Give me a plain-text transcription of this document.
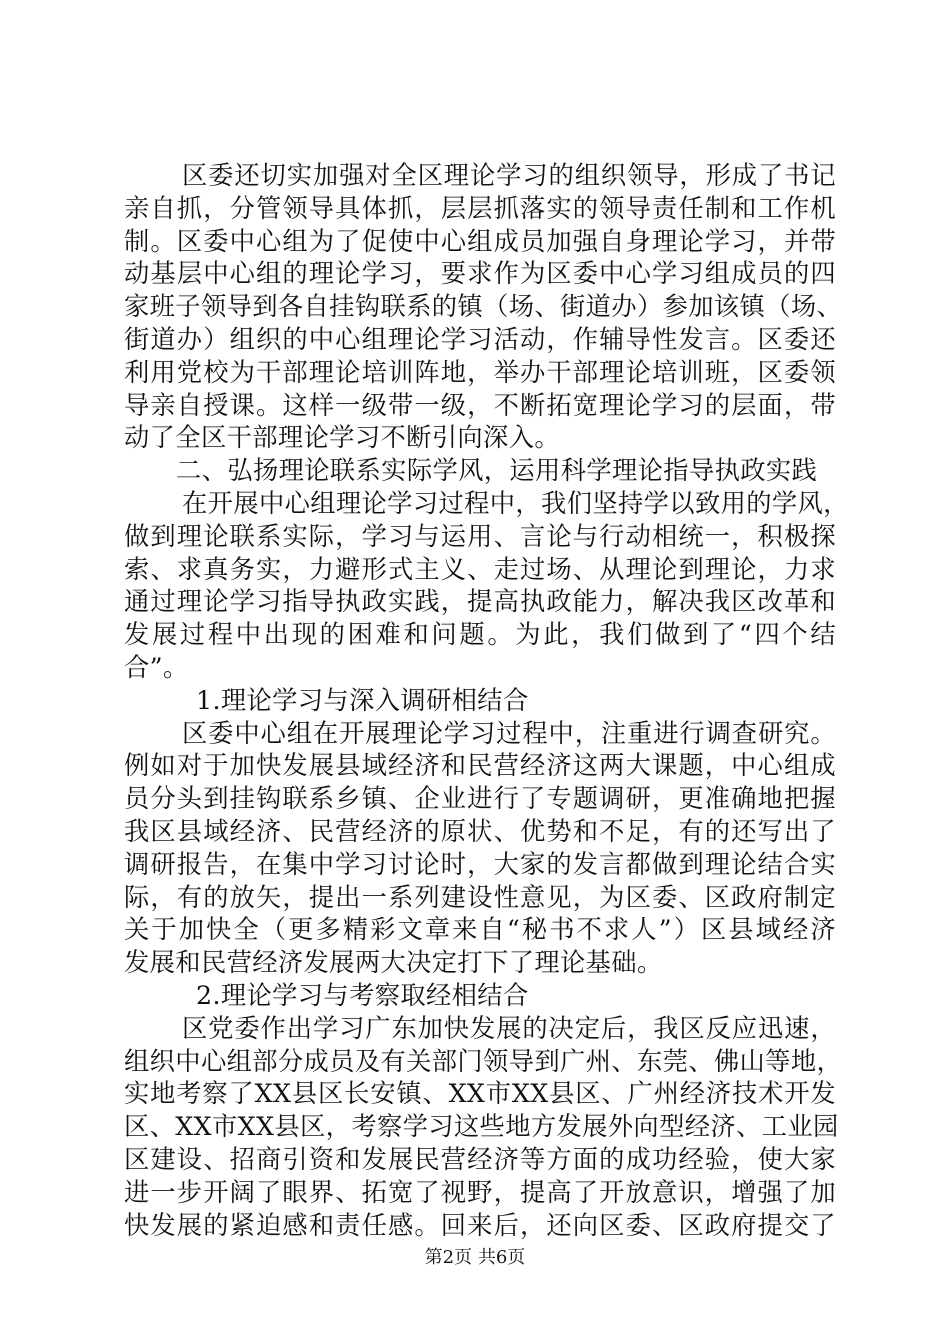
区委还切实加强对全区理论学习的组织领导，形成了书记
亲自抓，分管领导具体抓，层层抓落实的领导责任制和工作机
制。区委中心组为了促使中心组成员加强自身理论学习，并带
动基层中心组的理论学习，要求作为区委中心学习组成员的四
家班子领导到各自挂钩联系的镇（场、街道办）参加该镇（场、
街道办）组织的中心组理论学习活动，作辅导性发言。区委还
利用党校为干部理论培训阵地，举办干部理论培训班，区委领
导亲自授课。这样一级带一级，不断拓宽理论学习的层面，带
动了全区干部理论学习不断引向深入。
二、弘扬理论联系实际学风，运用科学理论指导执政实践
在开展中心组理论学习过程中，我们坚持学以致用的学风，
做到理论联系实际，学习与运用、言论与行动相统一，积极探
索、求真务实，力避形式主义、走过场、从理论到理论，力求
通过理论学习指导执政实践，提高执政能力，解决我区改革和
发展过程中出现的困难和问题。为此，我们做到了“四个结
合”。
1.理论学习与深入调研相结合
区委中心组在开展理论学习过程中，注重进行调查研究。
例如对于加快发展县域经济和民营经济这两大课题，中心组成
员分头到挂钩联系乡镇、企业进行了专题调研，更准确地把握
我区县域经济、民营经济的原状、优势和不足，有的还写出了
调研报告，在集中学习讨论时，大家的发言都做到理论结合实
际，有的放矢，提出一系列建设性意见，为区委、区政府制定
关于加快全（更多精彩文章来自“秘书不求人”）区县域经济
发展和民营经济发展两大决定打下了理论基础。
2.理论学习与考察取经相结合
区党委作出学习广东加快发展的决定后，我区反应迅速，
组织中心组部分成员及有关部门领导到广州、东莞、佛山等地，
实地考察了XX县区长安镇、XX市XX县区、广州经济技术开发
区、XX市XX县区，考察学习这些地方发展外向型经济、工业园
区建设、招商引资和发展民营经济等方面的成功经验，使大家
进一步开阔了眼界、拓宽了视野，提高了开放意识，增强了加
快发展的紧迫感和责任感。回来后，还向区委、区政府提交了
第2页 共6页
